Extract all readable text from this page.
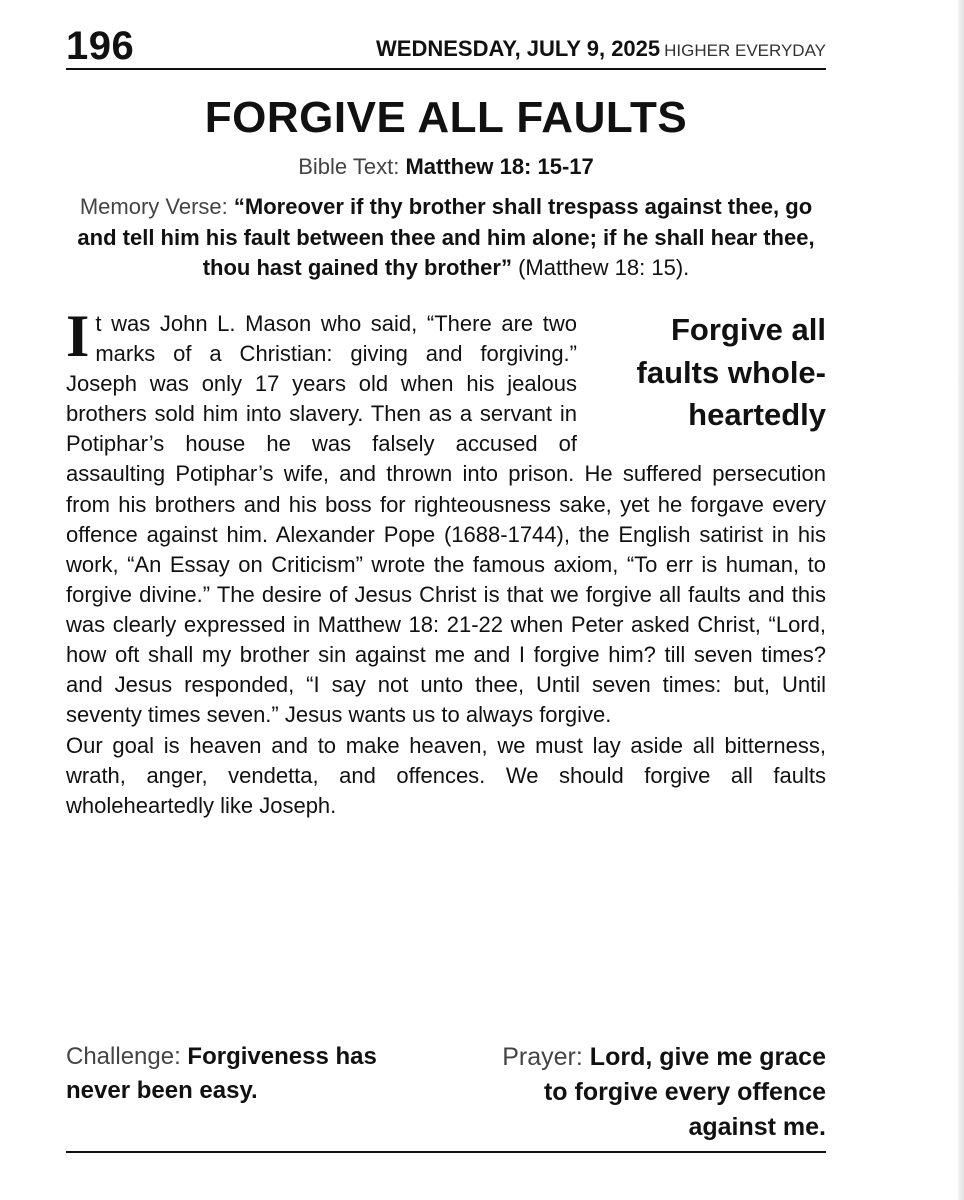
196	WEDNESDAY, JULY 9, 2025 HIGHER EVERYDAY
FORGIVE ALL FAULTS
Bible Text: Matthew 18: 15-17
Memory Verse: “Moreover if thy brother shall trespass against thee, go and tell him his fault between thee and him alone; if he shall hear thee, thou hast gained thy brother” (Matthew 18: 15).
Forgive all faults whole-heartedly

It was John L. Mason who said, “There are two marks of a Christian: giving and forgiving.” Joseph was only 17 years old when his jealous brothers sold him into slavery. Then as a servant in Potiphar’s house he was falsely accused of assaulting Potiphar’s wife, and thrown into prison. He suffered persecution from his brothers and his boss for righteousness sake, yet he forgave every offence against him. Alexander Pope (1688-1744), the English satirist in his work, “An Essay on Criticism” wrote the famous axiom, “To err is human, to forgive divine.” The desire of Jesus Christ is that we forgive all faults and this was clearly expressed in Matthew 18: 21-22 when Peter asked Christ, “Lord, how oft shall my brother sin against me and I forgive him? till seven times? and Jesus responded, “I say not unto thee, Until seven times: but, Until seventy times seven.” Jesus wants us to always forgive.

Our goal is heaven and to make heaven, we must lay aside all bitterness, wrath, anger, vendetta, and offences. We should forgive all faults wholeheartedly like Joseph.

Challenge: Forgiveness has never been easy.
Prayer: Lord, give me grace to forgive every offence against me.
